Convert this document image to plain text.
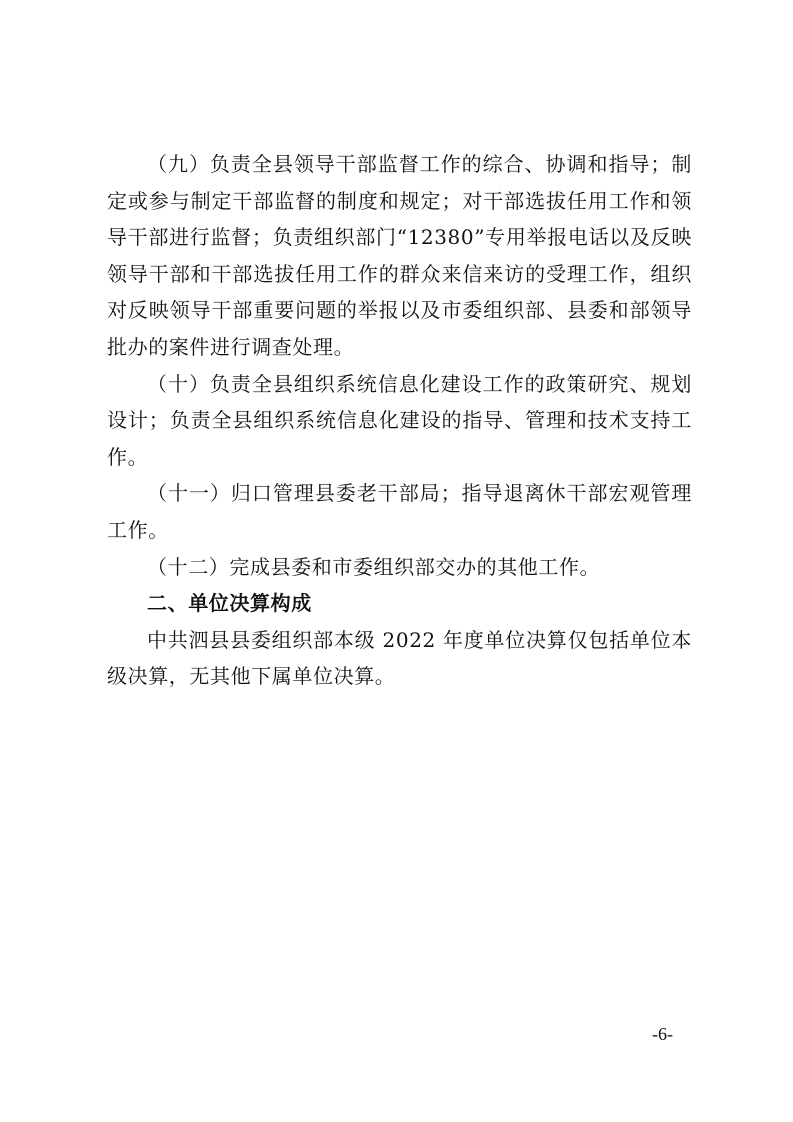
（九）负责全县领导干部监督工作的综合、协调和指导；制定或参与制定干部监督的制度和规定；对干部选拔任用工作和领导干部进行监督；负责组织部门“12380”专用举报电话以及反映领导干部和干部选拔任用工作的群众来信来访的受理工作，组织对反映领导干部重要问题的举报以及市委组织部、县委和部领导批办的案件进行调查处理。

（十）负责全县组织系统信息化建设工作的政策研究、规划设计；负责全县组织系统信息化建设的指导、管理和技术支持工作。

（十一）归口管理县委老干部局；指导退离休干部宏观管理工作。

（十二）完成县委和市委组织部交办的其他工作。

二、单位决算构成

中共泗县县委组织部本级 2022 年度单位决算仅包括单位本级决算，无其他下属单位决算。

-6-
